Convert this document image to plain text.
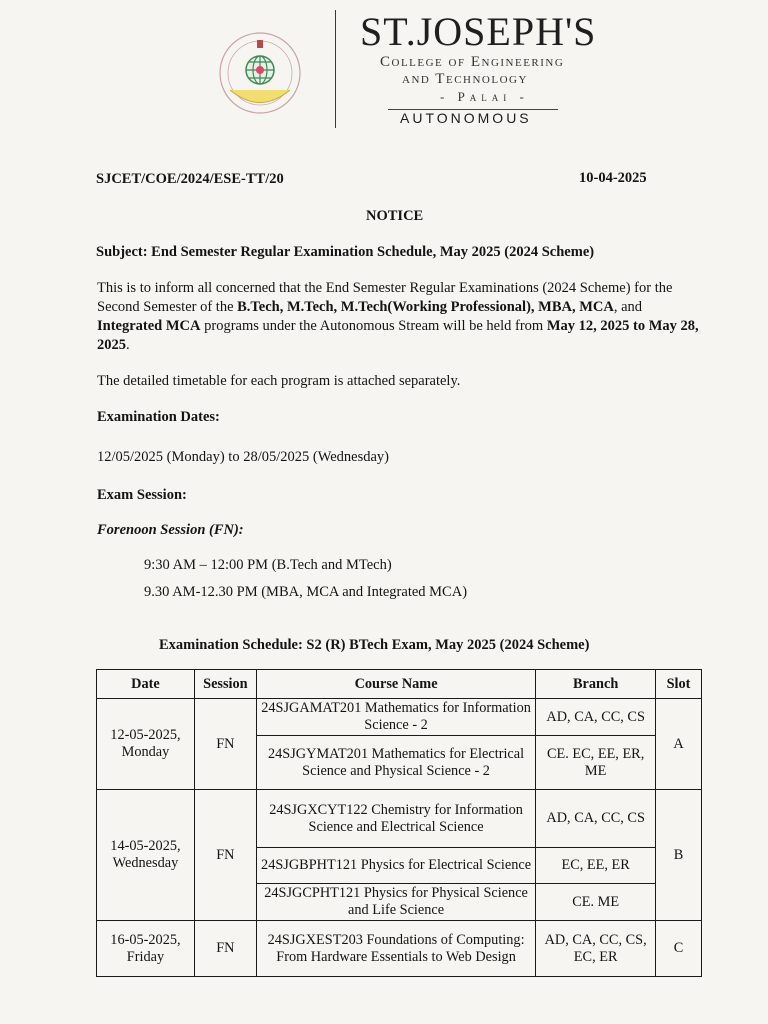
ST.JOSEPH'S

College of Engineering

and Technology

- Palai -

AUTONOMOUS
SJCET/COE/2024/ESE-TT/20	10-04-2025
NOTICE
Subject: End Semester Regular Examination Schedule, May 2025 (2024 Scheme)
This is to inform all concerned that the End Semester Regular Examinations (2024 Scheme) for the Second Semester of the B.Tech, M.Tech, M.Tech(Working Professional), MBA, MCA, and Integrated MCA programs under the Autonomous Stream will be held from May 12, 2025 to May 28, 2025.
The detailed timetable for each program is attached separately.
Examination Dates:
12/05/2025 (Monday) to 28/05/2025 (Wednesday)
Exam Session:
Forenoon Session (FN):
9:30 AM – 12:00 PM (B.Tech and MTech)
9.30 AM-12.30 PM (MBA, MCA and Integrated MCA)
Examination Schedule: S2 (R) BTech Exam, May 2025 (2024 Scheme)
Date	Session	Course Name	Branch	Slot
12-05-2025, Monday	FN	24SJGAMAT201 Mathematics for Information Science - 2	AD, CA, CC, CS	A
		24SJGYMAT201 Mathematics for Electrical Science and Physical Science - 2	CE. EC, EE, ER, ME	
14-05-2025, Wednesday	FN	24SJGXCYT122 Chemistry for Information Science and Electrical Science	AD, CA, CC, CS	B
		24SJGBPHT121 Physics for Electrical Science	EC, EE, ER	
		24SJGCPHT121 Physics for Physical Science and Life Science	CE. ME	
16-05-2025, Friday	FN	24SJGXEST203 Foundations of Computing: From Hardware Essentials to Web Design	AD, CA, CC, CS, EC, ER	C
